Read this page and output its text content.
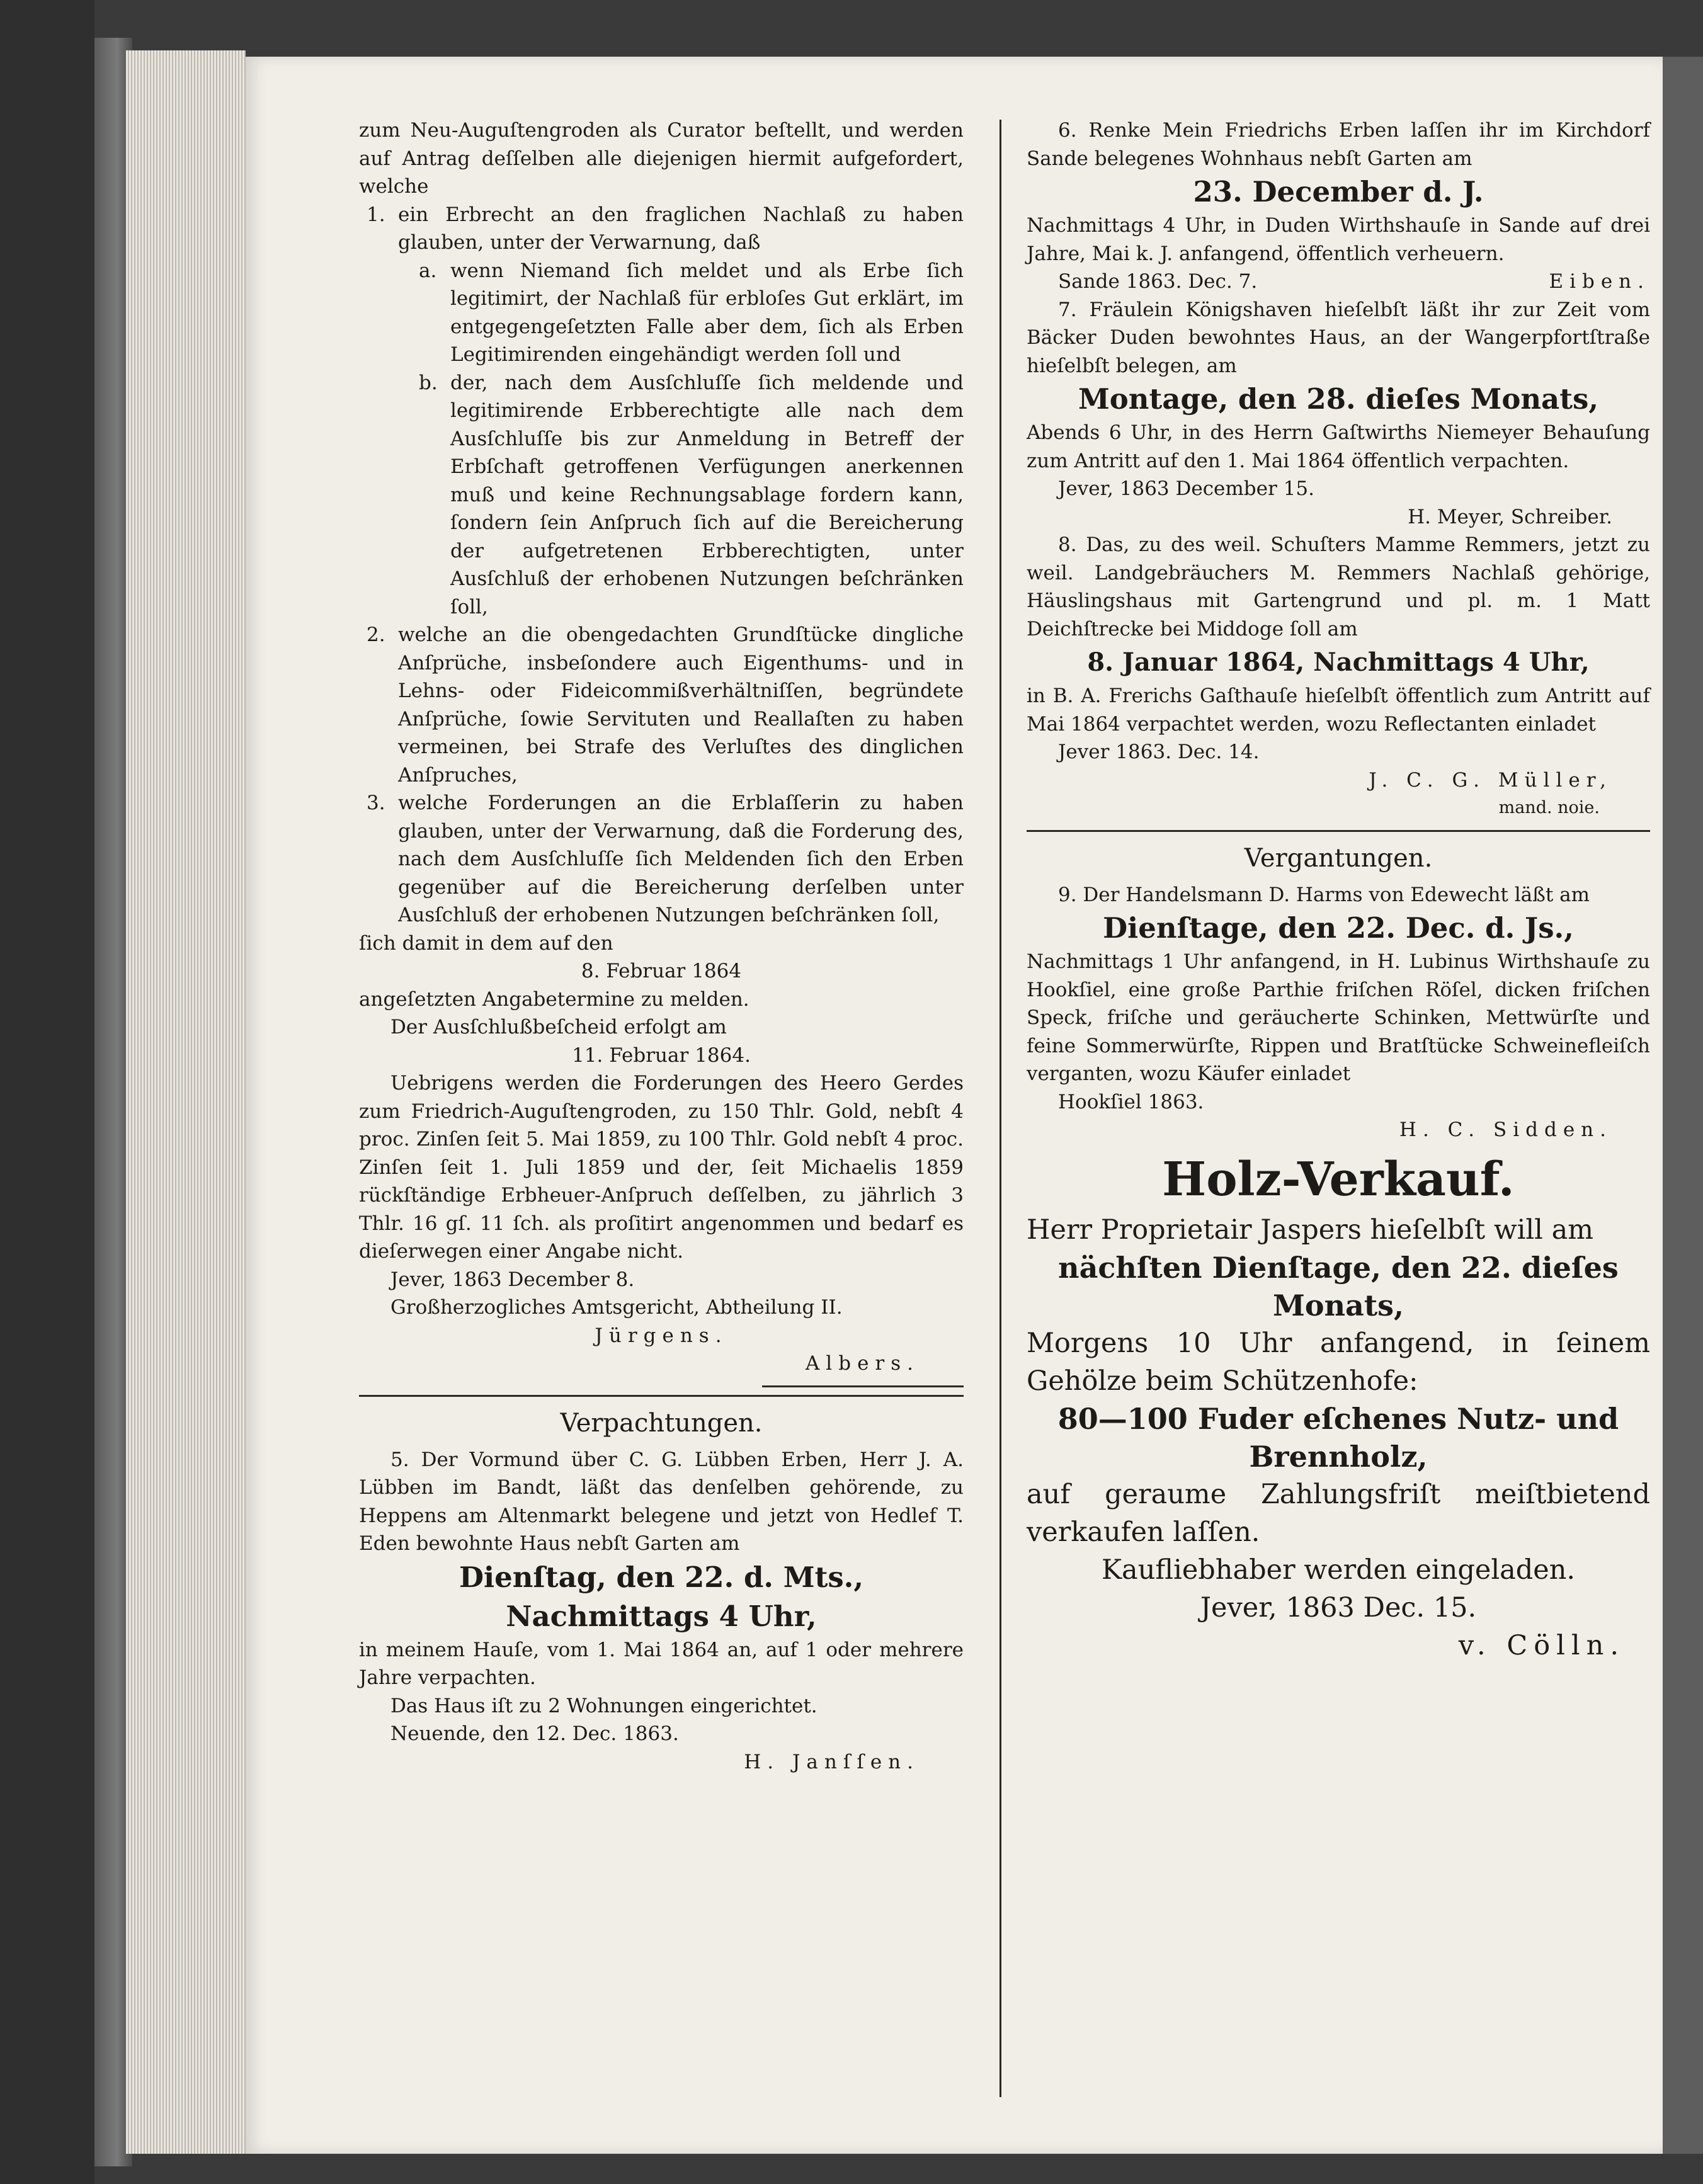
zum Neu-Auguſtengroden als Curator beſtellt, und werden auf Antrag deſſelben alle diejenigen hiermit aufgefordert, welche

1. ein Erbrecht an den fraglichen Nachlaß zu haben glauben, unter der Verwarnung, daß
a. wenn Niemand ſich meldet und als Erbe ſich legitimirt, der Nachlaß für erbloſes Gut erklärt, im entgegengeſetzten Falle aber dem, ſich als Erben Legitimirenden eingehändigt werden ſoll und
b. der, nach dem Ausſchluſſe ſich meldende und legitimirende Erbberechtigte alle nach dem Ausſchluſſe bis zur Anmeldung in Betreff der Erbſchaft getroffenen Verfügungen anerkennen muß und keine Rechnungsablage fordern kann, ſondern ſein Anſpruch ſich auf die Bereicherung der aufgetretenen Erbberechtigten, unter Ausſchluß der erhobenen Nutzungen beſchränken ſoll,
2. welche an die obengedachten Grundſtücke dingliche Anſprüche, insbeſondere auch Eigenthums- und in Lehns- oder Fideicommißverhältniſſen, begründete Anſprüche, ſowie Servituten und Reallaſten zu haben vermeinen, bei Strafe des Verluſtes des dinglichen Anſpruches,
3. welche Forderungen an die Erblaſſerin zu haben glauben, unter der Verwarnung, daß die Forderung des, nach dem Ausſchluſſe ſich Meldenden ſich den Erben gegenüber auf die Bereicherung derſelben unter Ausſchluß der erhobenen Nutzungen beſchränken ſoll,

ſich damit in dem auf den

8. Februar 1864

angeſetzten Angabetermine zu melden.

Der Ausſchlußbeſcheid erfolgt am

11. Februar 1864.

Uebrigens werden die Forderungen des Heero Gerdes zum Friedrich-Auguſtengroden, zu 150 Thlr. Gold, nebſt 4 proc. Zinſen ſeit 5. Mai 1859, zu 100 Thlr. Gold nebſt 4 proc. Zinſen ſeit 1. Juli 1859 und der, ſeit Michaelis 1859 rückſtändige Erbheuer-Anſpruch deſſelben, zu jährlich 3 Thlr. 16 gſ. 11 ſch. als proſitirt angenommen und bedarf es dieſerwegen einer Angabe nicht.

Jever, 1863 December 8.

Großherzogliches Amtsgericht, Abtheilung II.

Jürgens.

Albers.

Verpachtungen.

5. Der Vormund über C. G. Lübben Erben, Herr J. A. Lübben im Bandt, läßt das denſelben gehörende, zu Heppens am Altenmarkt belegene und jetzt von Hedlef T. Eden bewohnte Haus nebſt Garten am

Dienſtag, den 22. d. Mts.,

Nachmittags 4 Uhr,

in meinem Hauſe, vom 1. Mai 1864 an, auf 1 oder mehrere Jahre verpachten.

Das Haus iſt zu 2 Wohnungen eingerichtet.

Neuende, den 12. Dec. 1863.

H. Janſſen.

6. Renke Mein Friedrichs Erben laſſen ihr im Kirchdorf Sande belegenes Wohnhaus nebſt Garten am

23. December d. J.

Nachmittags 4 Uhr, in Duden Wirthshauſe in Sande auf drei Jahre, Mai k. J. anfangend, öffentlich verheuern.

Sande 1863. Dec. 7.	Eiben.

7. Fräulein Königshaven hieſelbſt läßt ihr zur Zeit vom Bäcker Duden bewohntes Haus, an der Wangerpfortſtraße hieſelbſt belegen, am

Montage, den 28. dieſes Monats,

Abends 6 Uhr, in des Herrn Gaſtwirths Niemeyer Behauſung zum Antritt auf den 1. Mai 1864 öffentlich verpachten.

Jever, 1863 December 15.

H. Meyer, Schreiber.

8. Das, zu des weil. Schuſters Mamme Remmers, jetzt zu weil. Landgebräuchers M. Remmers Nachlaß gehörige, Häuslingshaus mit Gartengrund und pl. m. 1 Matt Deichſtrecke bei Middoge ſoll am

8. Januar 1864, Nachmittags 4 Uhr,

in B. A. Frerichs Gaſthauſe hieſelbſt öffentlich zum Antritt auf Mai 1864 verpachtet werden, wozu Reflectanten einladet

Jever 1863. Dec. 14.

J. C. G. Müller,

mand. noie.

Vergantungen.

9. Der Handelsmann D. Harms von Edewecht läßt am

Dienſtage, den 22. Dec. d. Js.,

Nachmittags 1 Uhr anfangend, in H. Lubinus Wirthshauſe zu Hookſiel, eine große Parthie friſchen Röſel, dicken friſchen Speck, friſche und geräucherte Schinken, Mettwürſte und feine Sommerwürſte, Rippen und Bratſtücke Schweinefleiſch verganten, wozu Käufer einladet

Hookſiel 1863.

H. C. Sidden.

Holz-Verkauf.

Herr Proprietair Jaspers hieſelbſt will am

nächſten Dienſtage, den 22. dieſes Monats,

Morgens 10 Uhr anfangend, in ſeinem Gehölze beim Schützenhofe:

80—100 Fuder eſchenes Nutz- und Brennholz,

auf geraume Zahlungsfriſt meiſtbietend verkaufen laſſen.

Kaufliebhaber werden eingeladen.

Jever, 1863 Dec. 15.

v. Cölln.
